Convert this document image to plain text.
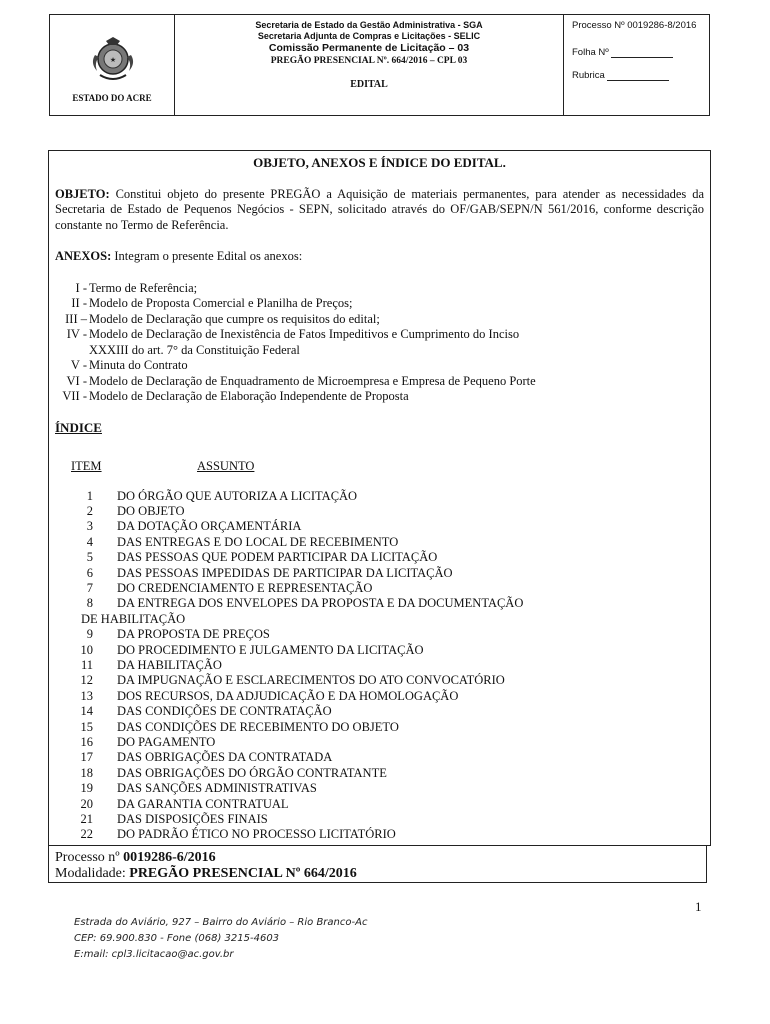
★
ESTADO DO ACRE
Secretaria de Estado da Gestão Administrativa - SGA
Secretaria Adjunta de Compras e Licitações - SELIC
Comissão Permanente de Licitação – 03
PREGÃO PRESENCIAL Nº. 664/2016 – CPL 03
EDITAL
Processo Nº 0019286-8/2016
Folha Nº
Rubrica
OBJETO, ANEXOS E ÍNDICE DO EDITAL.
OBJETO: Constitui objeto do presente PREGÃO a Aquisição de materiais permanentes, para atender as necessidades da Secretaria de Estado de Pequenos Negócios - SEPN, solicitado através do OF/GAB/SEPN/N 561/2016, conforme descrição constante no Termo de Referência.
ANEXOS: Integram o presente Edital os anexos:
I - Termo de Referência;
II - Modelo de Proposta Comercial e Planilha de Preços;
III – Modelo de Declaração que cumpre os requisitos do edital;
IV - Modelo de Declaração de Inexistência de Fatos Impeditivos e Cumprimento do Inciso
XXXIII do art. 7° da Constituição Federal
V - Minuta do Contrato
VI - Modelo de Declaração de Enquadramento de Microempresa e Empresa de Pequeno Porte
VII - Modelo de Declaração de Elaboração Independente de Proposta
ÍNDICE
ITEM	ASSUNTO
1	DO ÓRGÃO QUE AUTORIZA A LICITAÇÃO
2	DO OBJETO
3	DA DOTAÇÃO ORÇAMENTÁRIA
4	DAS ENTREGAS E DO LOCAL DE RECEBIMENTO
5	DAS PESSOAS QUE PODEM PARTICIPAR DA LICITAÇÃO
6	DAS PESSOAS IMPEDIDAS DE PARTICIPAR DA LICITAÇÃO
7	DO CREDENCIAMENTO E REPRESENTAÇÃO
8	DA ENTREGA DOS ENVELOPES DA PROPOSTA E DA DOCUMENTAÇÃO
DE HABILITAÇÃO
9	DA PROPOSTA DE PREÇOS
10	DO PROCEDIMENTO E JULGAMENTO DA LICITAÇÃO
11	DA HABILITAÇÃO
12	DA IMPUGNAÇÃO E ESCLARECIMENTOS DO ATO CONVOCATÓRIO
13	DOS RECURSOS, DA ADJUDICAÇÃO E DA HOMOLOGAÇÃO
14	DAS CONDIÇÕES DE CONTRATAÇÃO
15	DAS CONDIÇÕES DE RECEBIMENTO DO OBJETO
16	DO PAGAMENTO
17	DAS OBRIGAÇÕES DA CONTRATADA
18	DAS OBRIGAÇÕES DO ÓRGÃO CONTRATANTE
19	DAS SANÇÕES ADMINISTRATIVAS
20	DA GARANTIA CONTRATUAL
21	DAS DISPOSIÇÕES FINAIS
22	DO PADRÃO ÉTICO NO PROCESSO LICITATÓRIO
Processo nº 0019286-6/2016
Modalidade: PREGÃO PRESENCIAL Nº 664/2016
1
Estrada do Aviário, 927 – Bairro do Aviário – Rio Branco-Ac
CEP: 69.900.830 - Fone (068) 3215-4603
E:mail: cpl3.licitacao@ac.gov.br
